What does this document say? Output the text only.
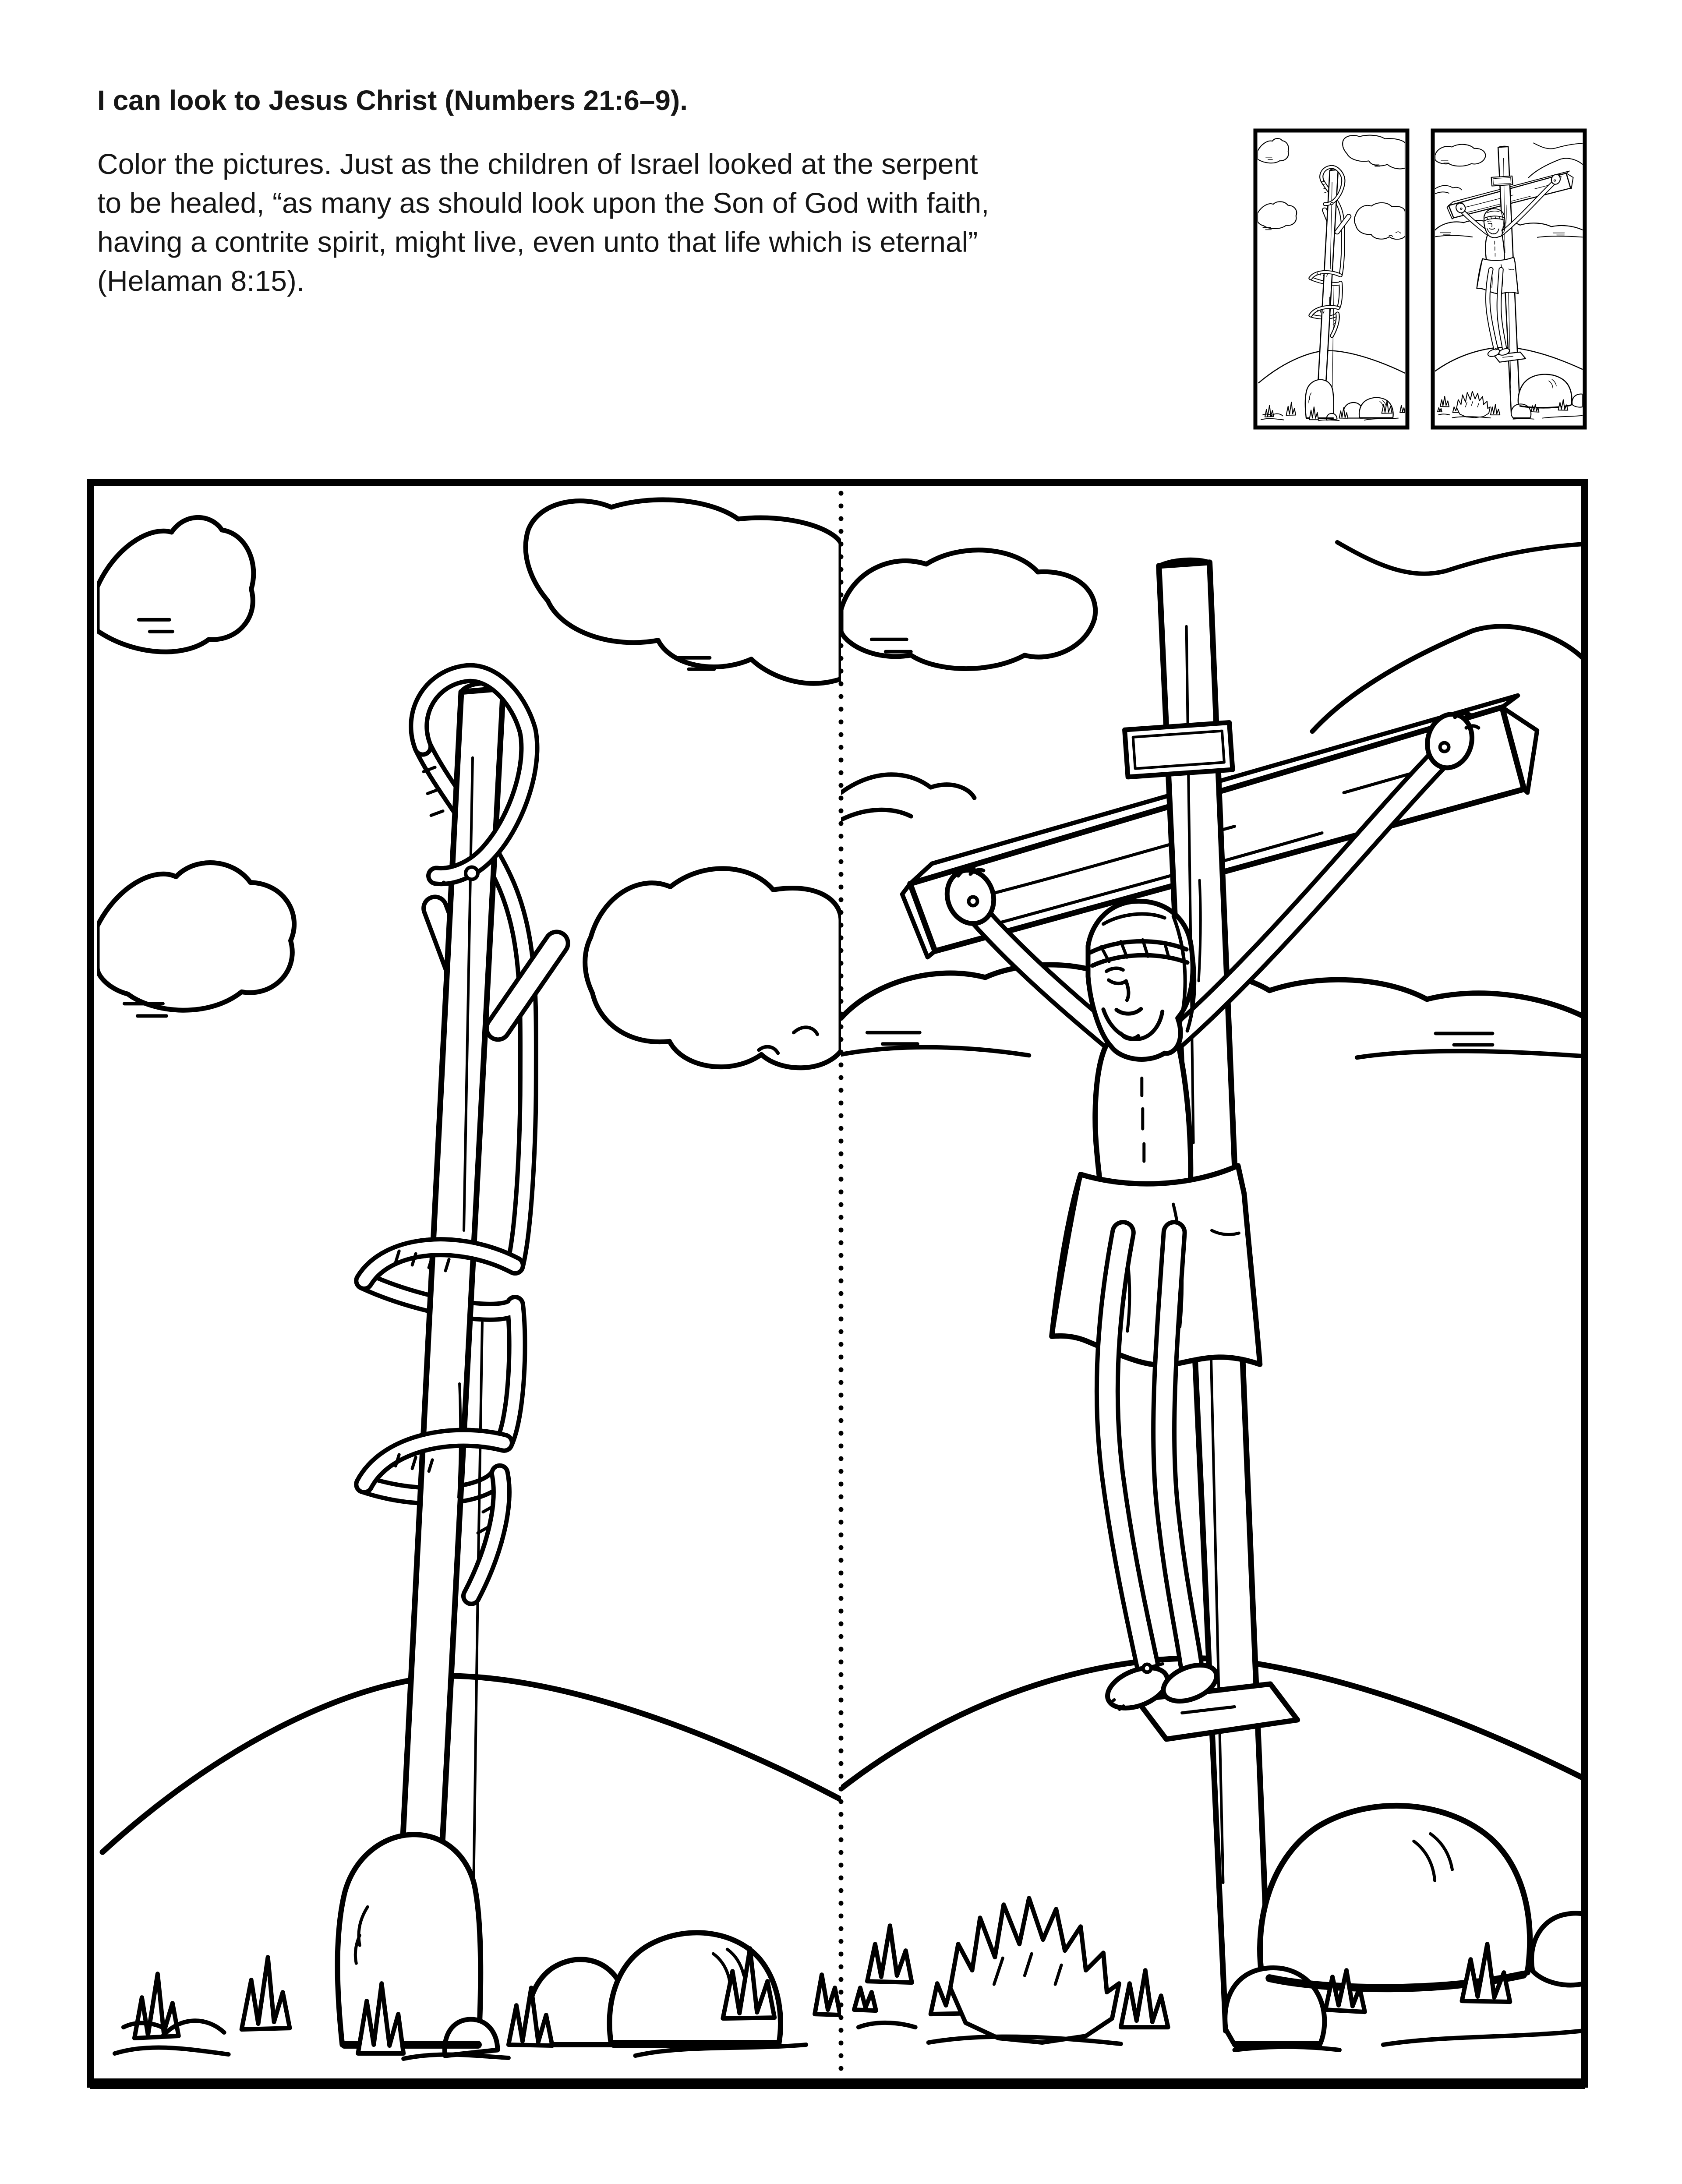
I can look to Jesus Christ (Numbers 21:6–9).
Color the pictures. Just as the children of Israel looked at the serpent
to be healed, “as many as should look upon the Son of God with faith,
having a contrite spirit, might live, even unto that life which is eternal”
(Helaman 8:15).
